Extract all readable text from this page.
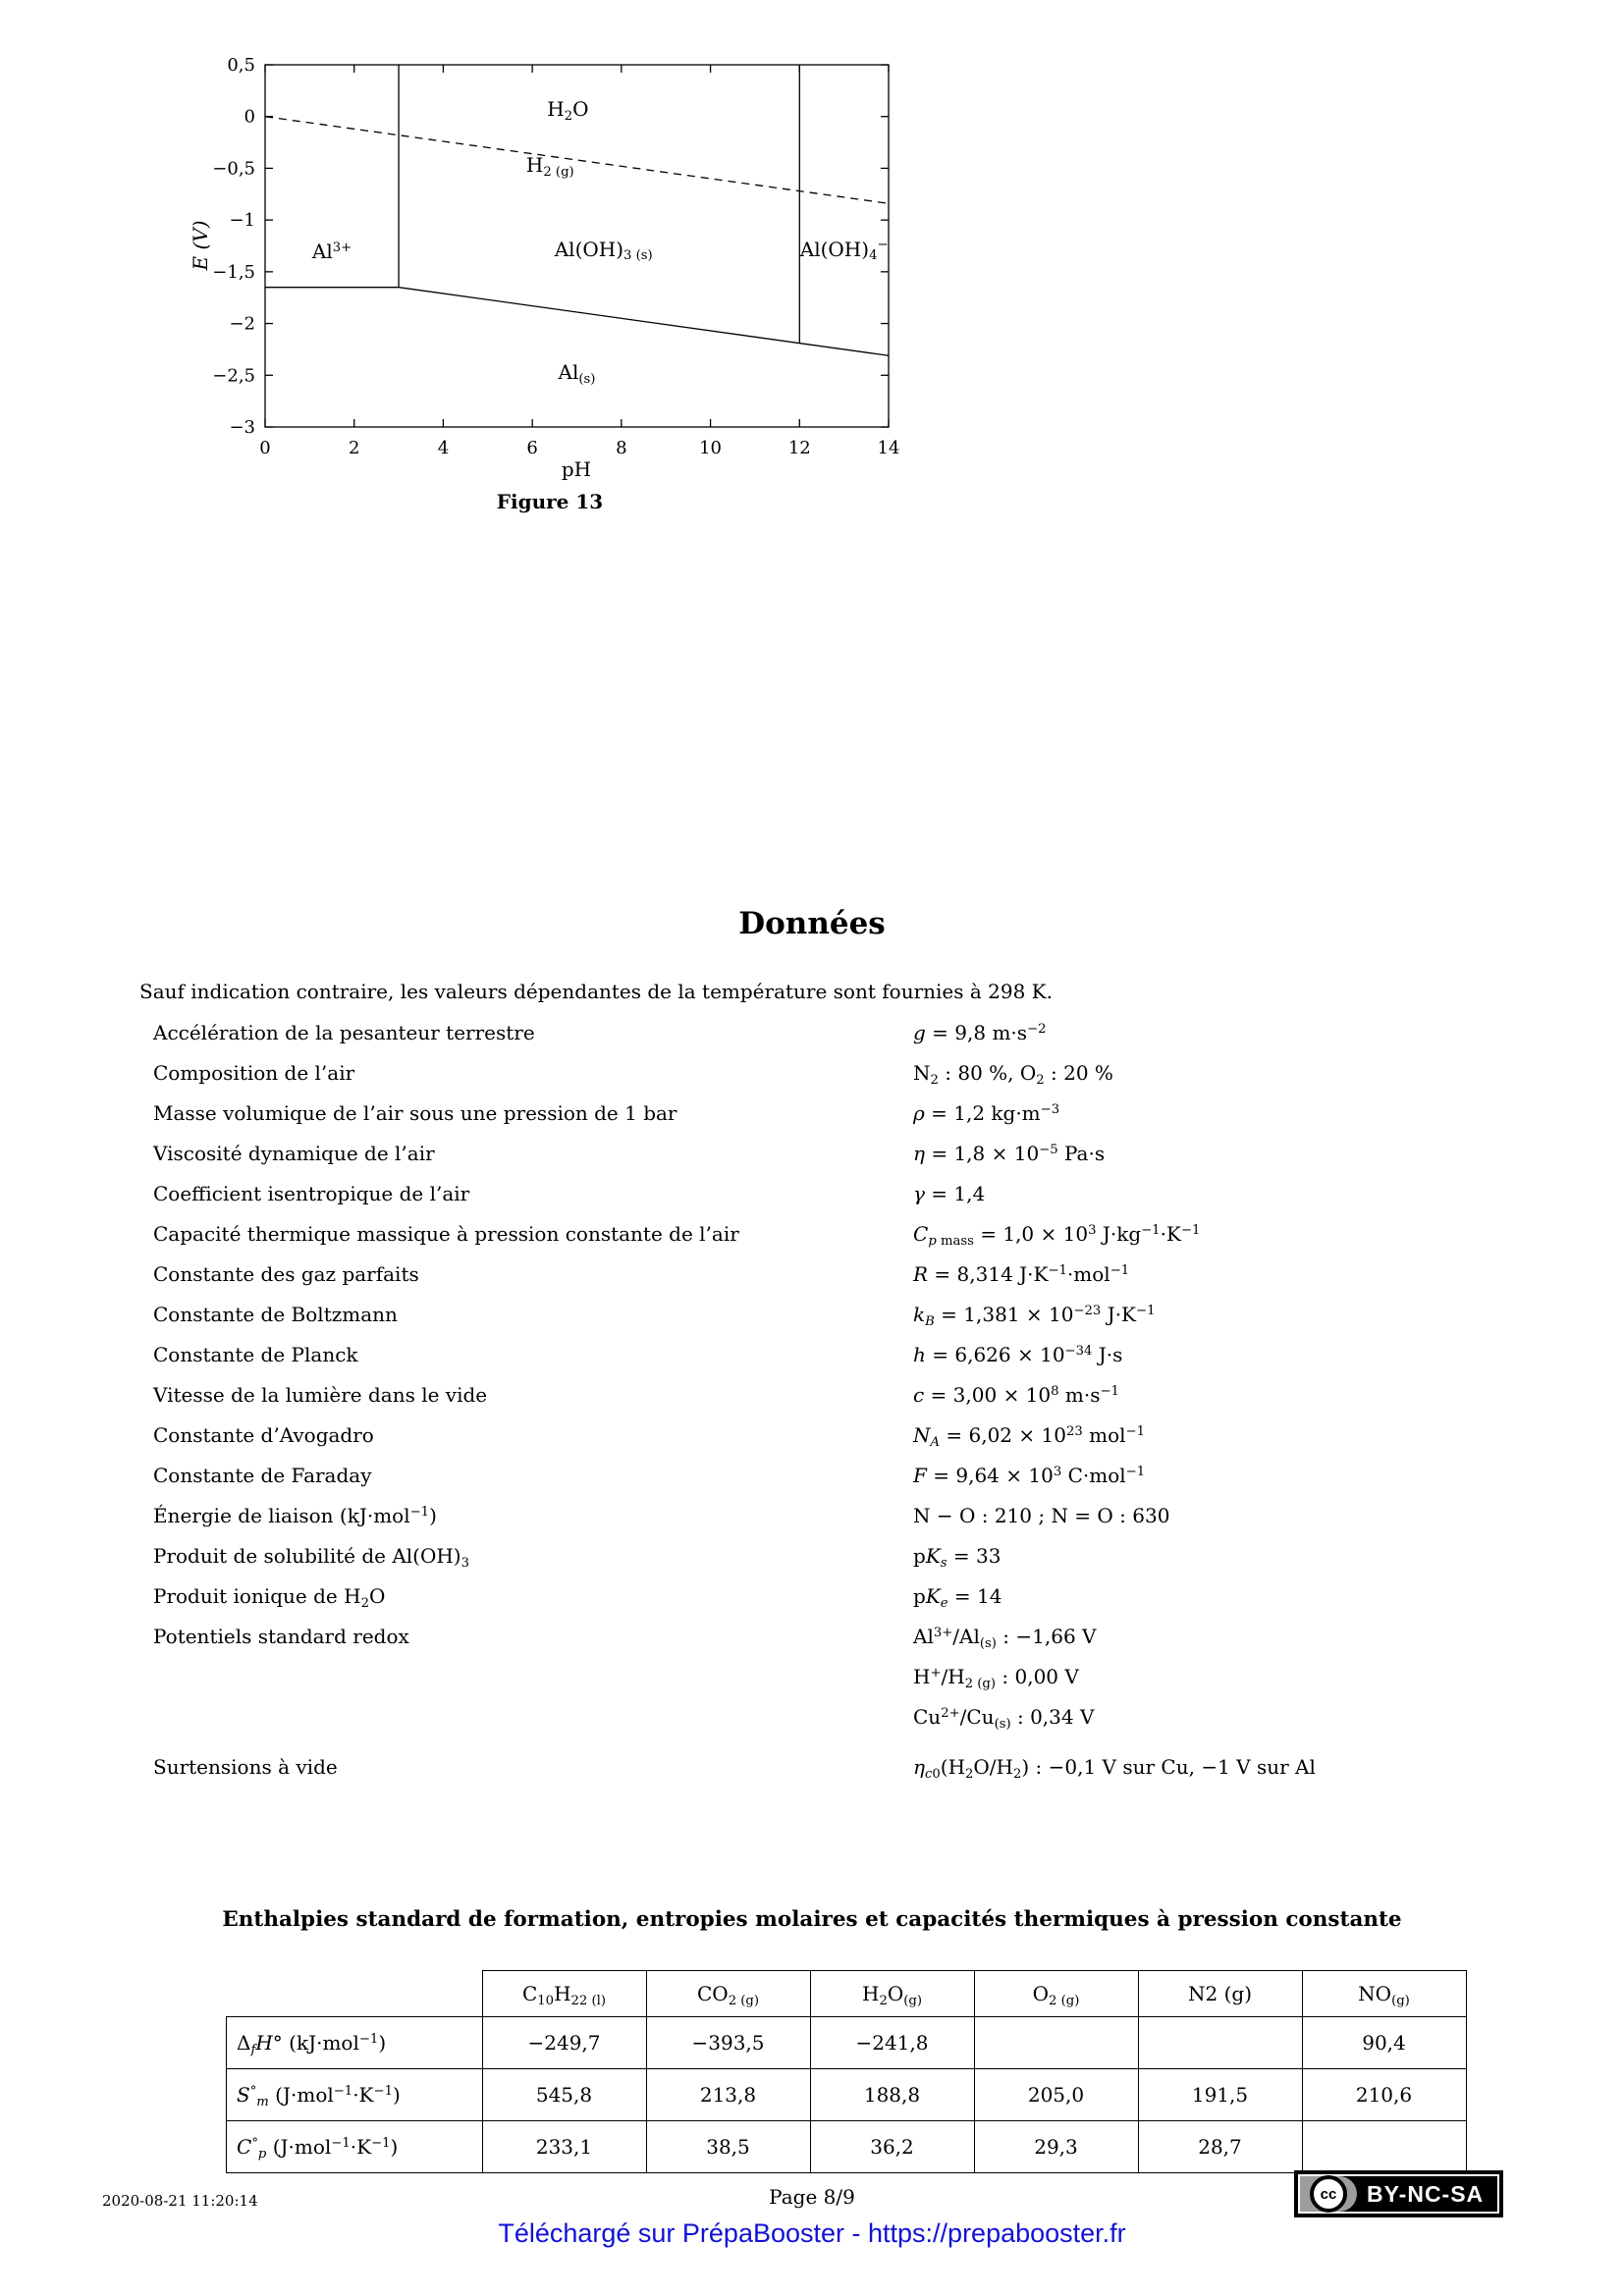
0	2	4	6	8	10	12	14
0,5
0
−0,5
−1
−1,5
−2
−2,5
−3
E (V)
pH
Figure 13
$H_2O$
$H_{2 (g)}$
$Al^{3+}$	$Al(OH)_{3 (s)}$	$Al(OH)_4^-$
$Al_{(s)}$
Données
Sauf indication contraire, les valeurs dépendantes de la température sont fournies à 298 K.
Accélération de la pesanteur terrestre	g = 9,8 $m\cdot s^{-2}$
Composition de l’air	$N_2$ : 80 %, $O_2$ : 20 %
Masse volumique de l’air sous une pression de 1 bar	ρ = 1,2 $kg\cdot m^{-3}$
Viscosité dynamique de l’air	$\eta = 1,8 \times 10^{-5}$ Pa·s
Coefficient isentropique de l’air	γ = 1,4
Capacité thermique massique à pression constante de l’air	$C_{p mass} = 1,0 \times 10^3$ $J\cdot kg^{-1}\cdot K^{-1}$
Constante des gaz parfaits	R = 8,314 $J\cdot K^{-1}\cdot mol^{-1}$
Constante de Boltzmann	$k_B = 1,381 \times 10^{-23}$ $J\cdot K^{-1}$
Constante de Planck	$h = 6,626 \times 10^{-34}$ J·s
Vitesse de la lumière dans le vide	$c = 3,00 \times 10^8$ $m\cdot s^{-1}$
Constante d’Avogadro	$N_A = 6,02 \times 10^{23}$ mol$^{-1}$
Constante de Faraday	$F = 9,64 \times 10^3$ C·mol$^{-1}$
Énergie de liaison (kJ·mol$^{-1}$)	N − O : 210 ; N = O : 630
Produit de solubilité de $Al(OH)_3$	$pK_s = 33$
Produit ionique de $H_2O$	$pK_e = 14$
Potentiels standard redox	$Al^{3+}/Al_{(s)}$ : −1,66 V
$H^+/H_{2 (g)}$ : 0,00 V
$Cu^{2+}/Cu_{(s)}$ : 0,34 V
Surtensions à vide	$\eta_{c0}(H_2O/H_2)$ : −0,1 V sur Cu, −1 V sur Al
Enthalpies standard de formation, entropies molaires et capacités thermiques à pression constante
	$C_{10}H_{22 (l)}$	$CO_{2 (g)}$	$H_2O_{(g)}$	$O_{2 (g)}$	N2 (g)	$NO_{(g)}$
$\Delta_fH^\circ$ (kJ·mol$^{-1}$)	−249,7	−393,5	−241,8			90,4
$S^\circ_m$ $(J\cdot mol^{-1}\cdot K^{-1})$	545,8	213,8	188,8	205,0	191,5	210,6
$C^\circ_p$ $(J\cdot mol^{-1}\cdot K^{-1})$	233,1	38,5	36,2	29,3	28,7	
2020-08-21 11:20:14	Page 8/9	cc	BY-NC-SA
Téléchargé sur PrépaBooster - https://prepabooster.fr
